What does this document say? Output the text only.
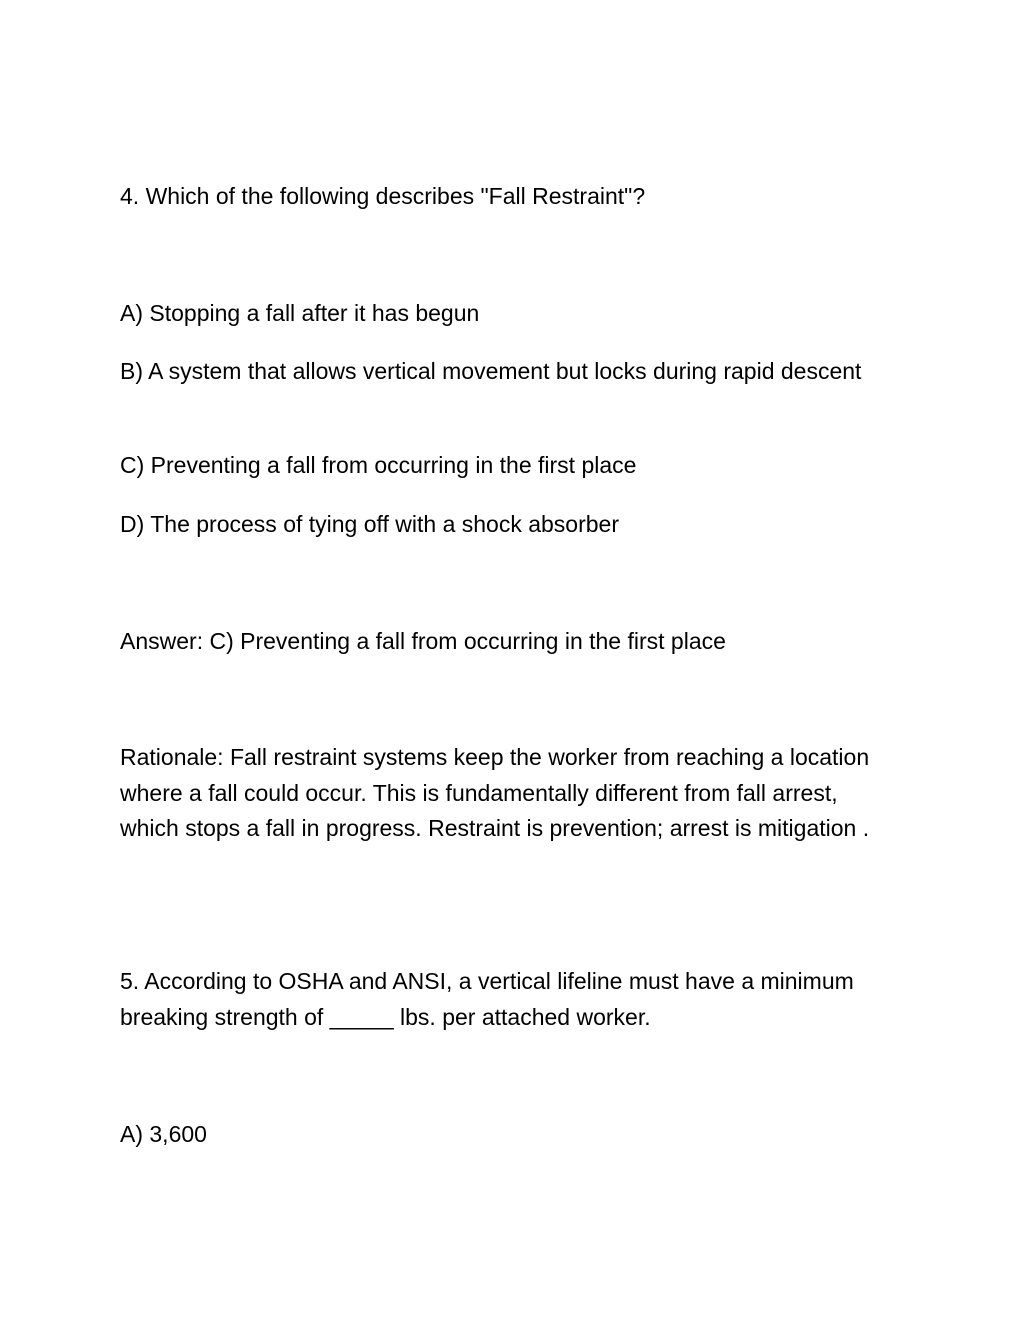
4. Which of the following describes "Fall Restraint"?
A) Stopping a fall after it has begun
B) A system that allows vertical movement but locks during rapid descent
C) Preventing a fall from occurring in the first place
D) The process of tying off with a shock absorber
Answer: C) Preventing a fall from occurring in the first place
Rationale: Fall restraint systems keep the worker from reaching a location where a fall could occur. This is fundamentally different from fall arrest, which stops a fall in progress. Restraint is prevention; arrest is mitigation .
5. According to OSHA and ANSI, a vertical lifeline must have a minimum breaking strength of _____ lbs. per attached worker.
A) 3,600
